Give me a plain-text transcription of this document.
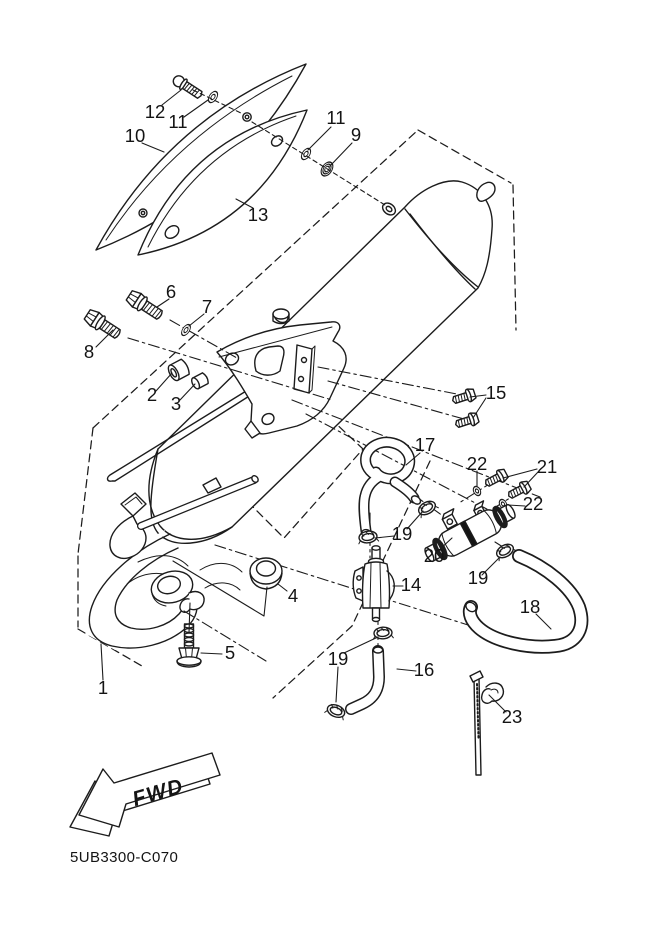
12 11
10
13
11
9
6
7
8
2 3
15
17
22	21
22
19
20
19
18
14
4
5
1
19
16
23
FWD
5UB3300-C070
